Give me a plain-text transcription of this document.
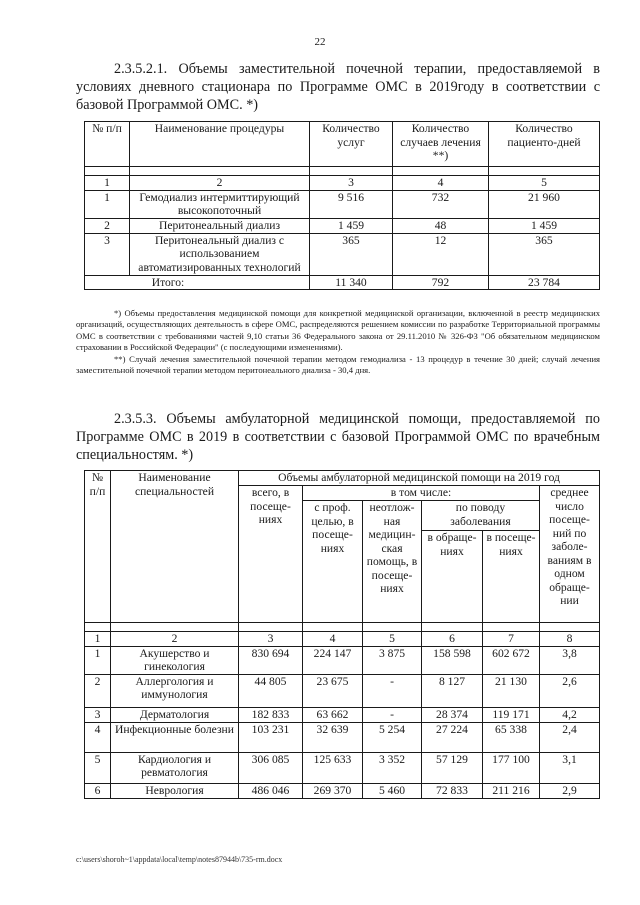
22
2.3.5.2.1. Объемы заместительной почечной терапии, предоставляемой в условиях дневного стационара по Программе ОМС в 2019году в соответствии с базовой Программой ОМС. *)
№ п/п	Наименование процедуры	Количество услуг	Количество случаев лечения **)	Количество пациенто-дней

1	2	3	4	5
1	Гемодиализ интермиттирующий высокопоточный	9 516	732	21 960
2	Перитонеальный диализ	1 459	48	1 459
3	Перитонеальный диализ с использованием автоматизированных технологий	365	12	365
Итого:		11 340	792	23 784

*) Объемы предоставления медицинской помощи для конкретной медицинской организации, включенной в реестр медицинских организаций, осуществляющих деятельность в сфере ОМС, распределяются решением комиссии по разработке Территориальной программы ОМС в соответствии с требованиями частей 9,10 статьи 36 Федерального закона от 29.11.2010 № 326-ФЗ "Об обязательном медицинском страховании в Российской Федерации" (с последующими изменениями).

**) Случай лечения заместительной почечной терапии методом гемодиализа - 13 процедур в течение 30 дней; случай лечения заместительной почечной терапии методом перитонеального диализа - 30,4 дня.

2.3.5.3. Объемы амбулаторной медицинской помощи, предоставляемой по Программе ОМС в 2019 в соответствии с базовой Программой ОМС по врачебным специальностям. *)
№ п/п	Наименование специальностей	Объемы амбулаторной медицинской помощи на 2019 год					
		всего, в посеще-ниях	в том числе:				среднее число посеще-ний по заболе-ваниям в одном обраще-нии
			с проф. целью, в посеще-ниях	неотлож-ная медицин-ская помощь, в посеще-ниях	по поводу заболевания		
					в обраще-ниях	в посеще-ниях	

1	2	3	4	5	6	7	8
1	Акушерство и гинекология	830 694	224 147	3 875	158 598	602 672	3,8
2	Аллергология и иммунология	44 805	23 675	-	8 127	21 130	2,6
3	Дерматология	182 833	63 662	-	28 374	119 171	4,2
4	Инфекционные болезни	103 231	32 639	5 254	27 224	65 338	2,4
5	Кардиология и ревматология	306 085	125 633	3 352	57 129	177 100	3,1
6	Неврология	486 046	269 370	5 460	72 833	211 216	2,9
c:\users\shoroh~1\appdata\local\temp\notes87944b\735-rm.docx
